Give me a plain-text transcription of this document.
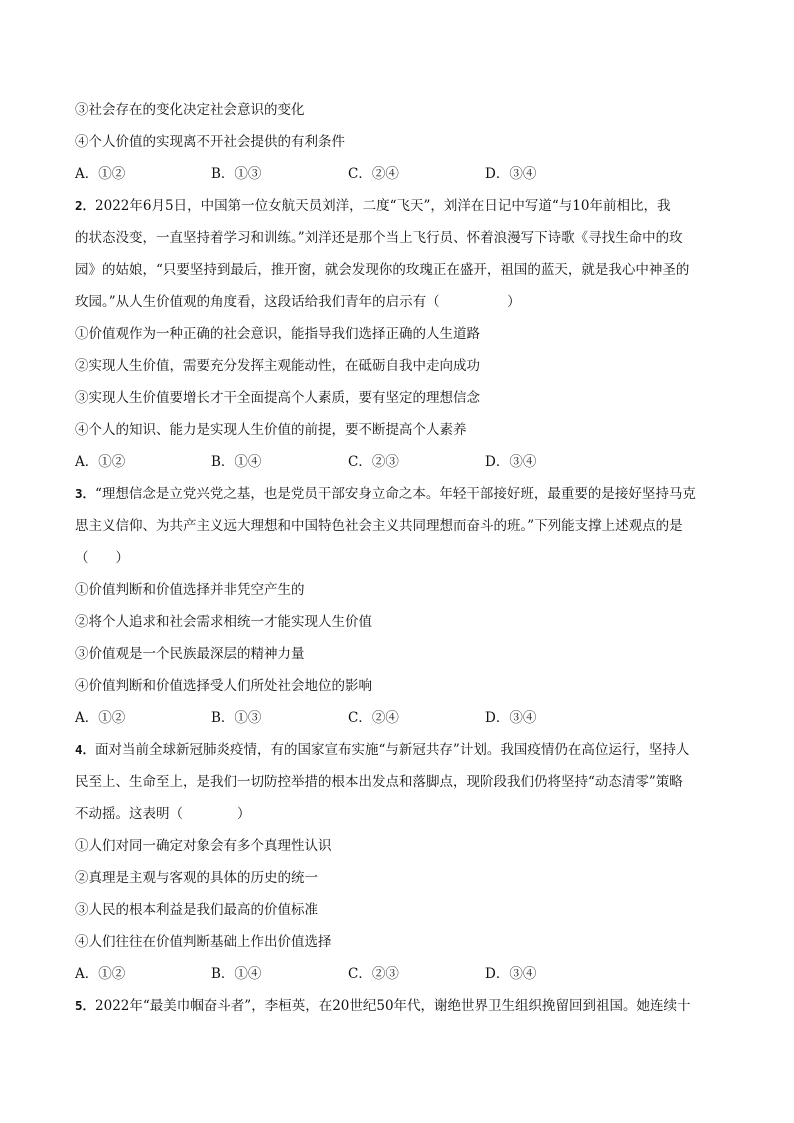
③社会存在的变化决定社会意识的变化
④个人价值的实现离不开社会提供的有利条件
A．①②	B．①③	C．②④	D．③④
2．2022年6月5日，中国第一位女航天员刘洋，二度“飞天”，刘洋在日记中写道“与10年前相比，我
的状态没变，一直坚持着学习和训练。”刘洋还是那个当上飞行员、怀着浪漫写下诗歌《寻找生命中的玫
园》的姑娘，“只要坚持到最后，推开窗，就会发现你的玫瑰正在盛开，祖国的蓝天，就是我心中神圣的
玫园。”从人生价值观的角度看，这段话给我们青年的启示有（　　　　　）
①价值观作为一种正确的社会意识，能指导我们选择正确的人生道路
②实现人生价值，需要充分发挥主观能动性，在砥砺自我中走向成功
③实现人生价值要增长才干全面提高个人素质，要有坚定的理想信念
④个人的知识、能力是实现人生价值的前提，要不断提高个人素养
A．①②	B．①④	C．②③	D．③④
3．“理想信念是立党兴党之基，也是党员干部安身立命之本。年轻干部接好班，最重要的是接好坚持马克
思主义信仰、为共产主义远大理想和中国特色社会主义共同理想而奋斗的班。”下列能支撑上述观点的是
（　　）
①价值判断和价值选择并非凭空产生的
②将个人追求和社会需求相统一才能实现人生价值
③价值观是一个民族最深层的精神力量
④价值判断和价值选择受人们所处社会地位的影响
A．①②	B．①③	C．②④	D．③④
4．面对当前全球新冠肺炎疫情，有的国家宣布实施“与新冠共存”计划。我国疫情仍在高位运行，坚持人
民至上、生命至上，是我们一切防控举措的根本出发点和落脚点，现阶段我们仍将坚持“动态清零”策略
不动摇。这表明（　　　　）
①人们对同一确定对象会有多个真理性认识
②真理是主观与客观的具体的历史的统一
③人民的根本利益是我们最高的价值标准
④人们往往在价值判断基础上作出价值选择
A．①②	B．①④	C．②③	D．③④
5．2022年“最美巾帼奋斗者”，李桓英，在20世纪50年代，谢绝世界卫生组织挽留回到祖国。她连续十
